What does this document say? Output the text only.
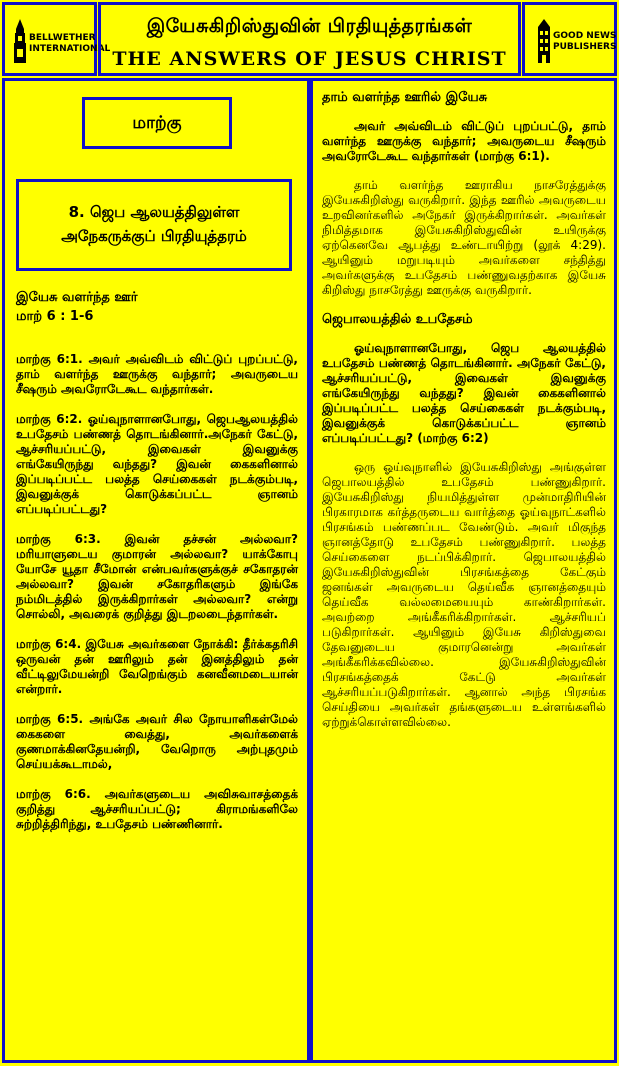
BELLWETHER
INTERNATIONAL
இயேசுகிறிஸ்துவின் பிரதியுத்தரங்கள்
THE ANSWERS OF JESUS CHRIST
GOOD NEWS
PUBLISHERS
மாற்கு
8. ஜெப ஆலயத்திலுள்ள
அநேகருக்குப் பிரதியுத்தரம்

இயேசு வளர்ந்த ஊர்

மாற் 6 : 1-6

மாற்கு 6:1. அவர் அவ்விடம் விட்டுப் புறப்பட்டு, தாம் வளர்ந்த ஊருக்கு வந்தார்; அவருடைய சீஷரும் அவரோடேகூட வந்தார்கள்.

மாற்கு 6:2. ஓய்வுநாளானபோது, ஜெபஆலயத்தில் உபதேசம் பண்ணத் தொடங்கினார்.அநேகர் கேட்டு, ஆச்சரியப்பட்டு, இவைகள் இவனுக்கு எங்கேயிருந்து வந்தது? இவன் கைகளினால் இப்படிப்பட்ட பலத்த செய்கைகள் நடக்கும்படி, இவனுக்குக் கொடுக்கப்பட்ட ஞானம் எப்படிப்பட்டது?

மாற்கு 6:3. இவன் தச்சன் அல்லவா? மரியாளுடைய குமாரன் அல்லவா? யாக்கோபு யோசே யூதா சீமோன் என்பவர்களுக்குச் சகோதரன் அல்லவா? இவன் சகோதரிகளும் இங்கே நம்மிடத்தில் இருக்கிறார்கள் அல்லவா? என்று சொல்லி, அவரைக் குறித்து இடறலடைந்தார்கள்.

மாற்கு 6:4. இயேசு அவர்களை நோக்கி: தீர்க்கதரிசி ஒருவன் தன் ஊரிலும் தன் இனத்திலும் தன் வீட்டிலுமேயன்றி வேறெங்கும் கனவீனமடையான் என்றார்.

மாற்கு 6:5. அங்கே அவர் சில நோயாளிகள்மேல் கைகளை வைத்து, அவர்களைக் குணமாக்கினதேயன்றி, வேறொரு அற்புதமும் செய்யக்கூடாமல்,

மாற்கு 6:6. அவர்களுடைய அவிசுவாசத்தைக் குறித்து ஆச்சரியப்பட்டு; கிராமங்களிலே சுற்றித்திரிந்து, உபதேசம் பண்ணினார்.

தாம் வளர்ந்த ஊரில் இயேசு

அவர் அவ்விடம் விட்டுப் புறப்பட்டு, தாம் வளர்ந்த ஊருக்கு வந்தார்; அவருடைய சீஷரும் அவரோடேகூட வந்தார்கள் (மாற்கு 6:1).

தாம் வளர்ந்த ஊராகிய நாசரேத்துக்கு இயேசுகிறிஸ்து வருகிறார். இந்த ஊரில் அவருடைய உறவினர்களில் அநேகர் இருக்கிறார்கள். அவர்கள் நிமித்தமாக இயேசுகிறிஸ்துவின் உயிருக்கு ஏற்கெனவே ஆபத்து உண்டாயிற்று (லூக் 4:29). ஆயினும் மறுபடியும் அவர்களை சந்தித்து அவர்களுக்கு உபதேசம் பண்ணுவதற்காக இயேசு கிறிஸ்து நாசரேத்து ஊருக்கு வருகிறார்.

ஜெபாலயத்தில் உபதேசம்

ஓய்வுநாளானபோது, ஜெப ஆலயத்தில் உபதேசம் பண்ணத் தொடங்கினார். அநேகர் கேட்டு, ஆச்சரியப்பட்டு, இவைகள் இவனுக்கு எங்கேயிருந்து வந்தது? இவன் கைகளினால் இப்படிப்பட்ட பலத்த செய்கைகள் நடக்கும்படி, இவனுக்குக் கொடுக்கப்பட்ட ஞானம் எப்படிப்பட்டது? (மாற்கு 6:2)

ஒரு ஓய்வுநாளில் இயேசுகிறிஸ்து அங்குள்ள ஜெபாலயத்தில் உபதேசம் பண்ணுகிறார். இயேசுகிறிஸ்து நியமித்துள்ள முன்மாதிரியின் பிரகாரமாக கர்த்தருடைய வார்த்தை ஓய்வுநாட்களில் பிரசங்கம் பண்ணப்பட வேண்டும். அவர் மிகுந்த ஞானத்தோடு உபதேசம் பண்ணுகிறார். பலத்த செய்கைளை நடப்பிக்கிறார். ஜெபாலயத்தில் இயேசுகிறிஸ்துவின் பிரசங்கத்தை கேட்கும் ஜனங்கள் அவருடைய தெய்வீக ஞானத்தையும் தெய்வீக வல்லமையையும் காண்கிறார்கள். அவற்றை அங்கீகரிக்கிறார்கள். ஆச்சரியப் படுகிறார்கள். ஆயினும் இயேசு கிறிஸ்துவை தேவனுடைய குமாரனென்று அவர்கள் அங்கீகரிக்கவில்லை. இயேசுகிறிஸ்துவின் பிரசங்கத்தைக் கேட்டு அவர்கள் ஆச்சரியப்படுகிறார்கள். ஆனால் அந்த பிரசங்க செய்தியை அவர்கள் தங்களுடைய உள்ளங்களில் ஏற்றுக்கொள்ளவில்லை.
